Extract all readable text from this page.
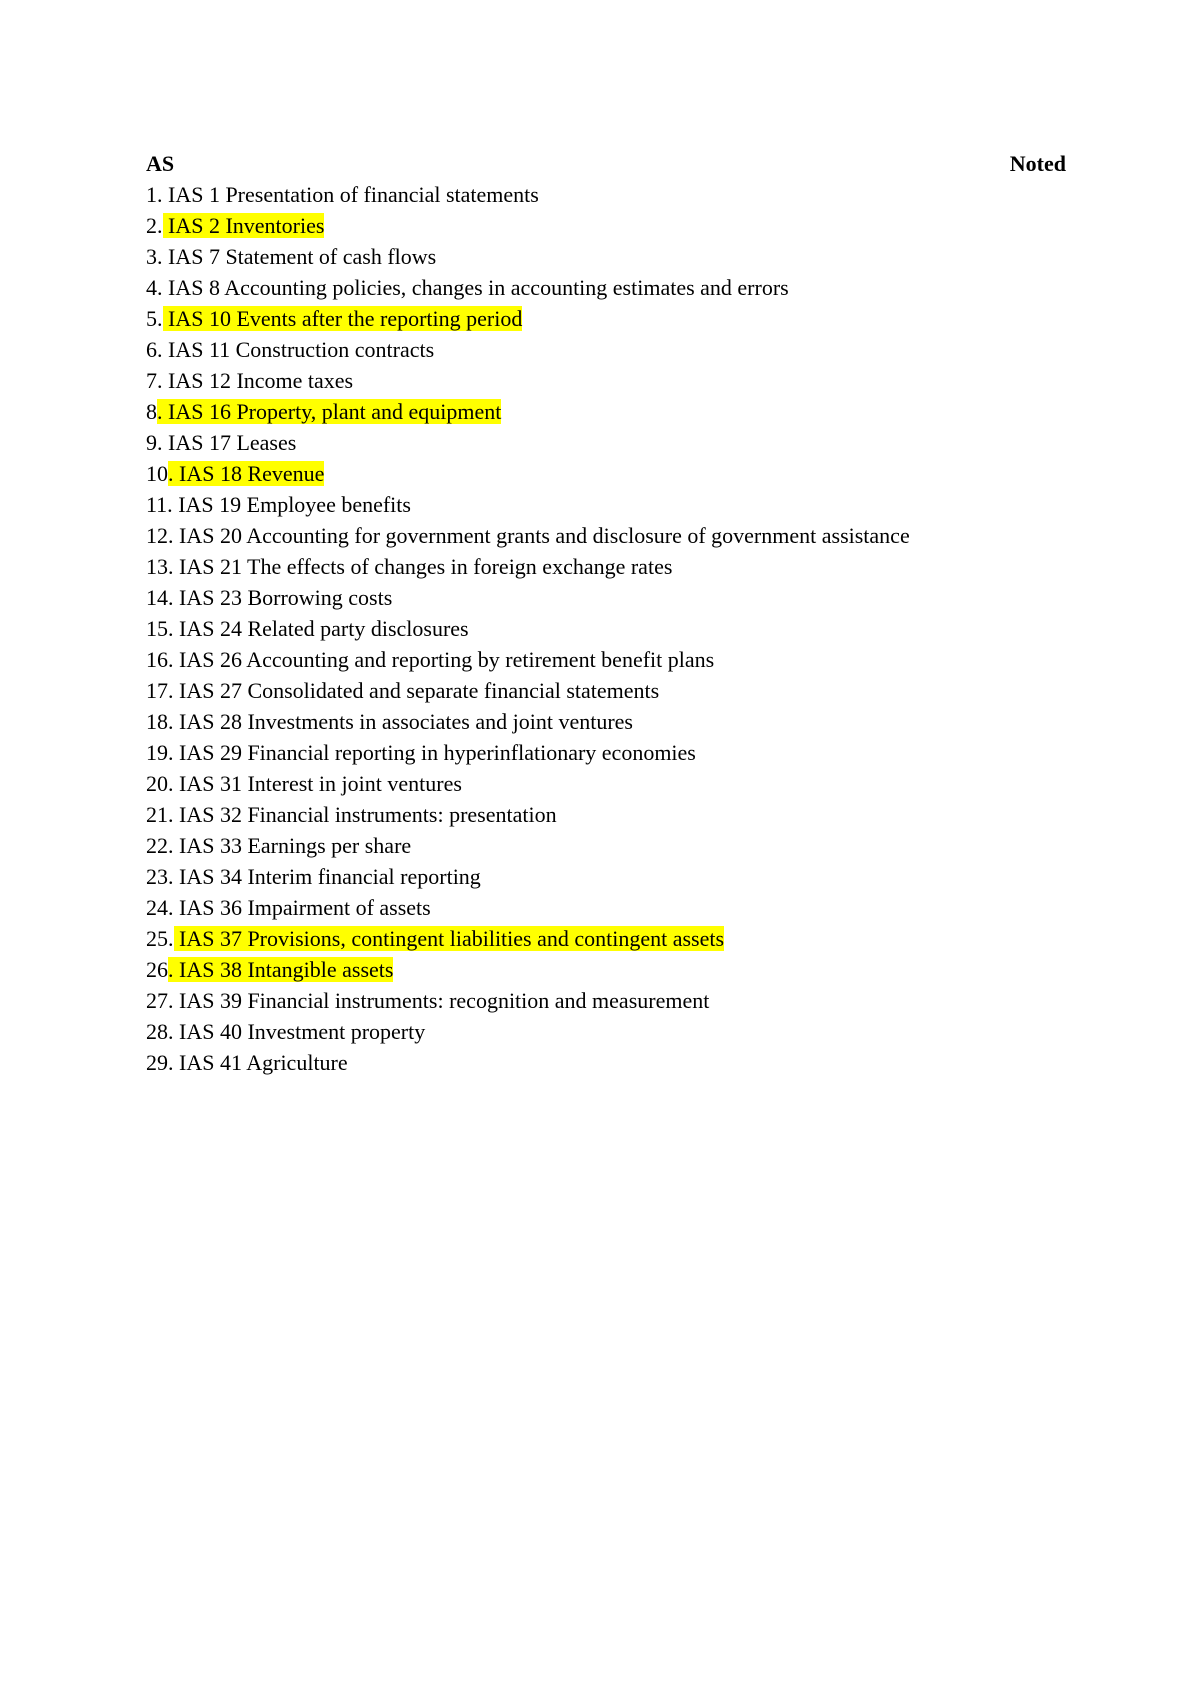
AS	Noted
1. IAS 1 Presentation of financial statements
2. IAS 2 Inventories
3. IAS 7 Statement of cash flows
4. IAS 8 Accounting policies, changes in accounting estimates and errors
5. IAS 10 Events after the reporting period
6. IAS 11 Construction contracts
7. IAS 12 Income taxes
8. IAS 16 Property, plant and equipment
9. IAS 17 Leases
10. IAS 18 Revenue
11. IAS 19 Employee benefits
12. IAS 20 Accounting for government grants and disclosure of government assistance
13. IAS 21 The effects of changes in foreign exchange rates
14. IAS 23 Borrowing costs
15. IAS 24 Related party disclosures
16. IAS 26 Accounting and reporting by retirement benefit plans
17. IAS 27 Consolidated and separate financial statements
18. IAS 28 Investments in associates and joint ventures
19. IAS 29 Financial reporting in hyperinflationary economies
20. IAS 31 Interest in joint ventures
21. IAS 32 Financial instruments: presentation
22. IAS 33 Earnings per share
23. IAS 34 Interim financial reporting
24. IAS 36 Impairment of assets
25. IAS 37 Provisions, contingent liabilities and contingent assets
26. IAS 38 Intangible assets
27. IAS 39 Financial instruments: recognition and measurement
28. IAS 40 Investment property
29. IAS 41 Agriculture
